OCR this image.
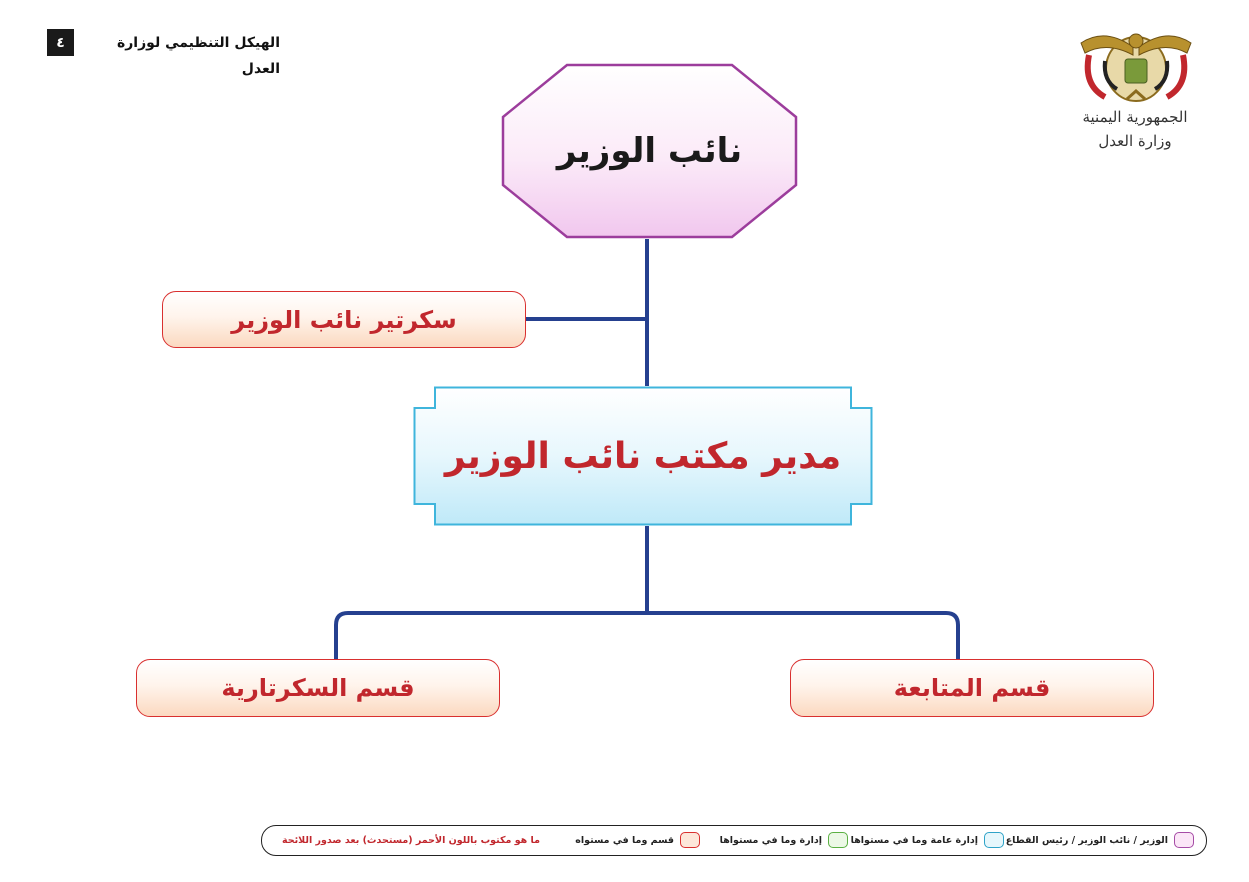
٤	الهيكل التنظيمي لوزارة العدل
الجمهورية اليمنية
وزارة العدل
نائب الوزير
سكرتير نائب الوزير
مدير مكتب نائب الوزير
قسم السكرتارية	قسم المتابعة
الوزير / نائب الوزير / رئيس القطاع
إدارة عامة وما في مستواها
إدارة وما في مستواها
قسم وما في مستواه
ما هو مكتوب باللون الأحمر (مستحدث) بعد صدور اللائحة
